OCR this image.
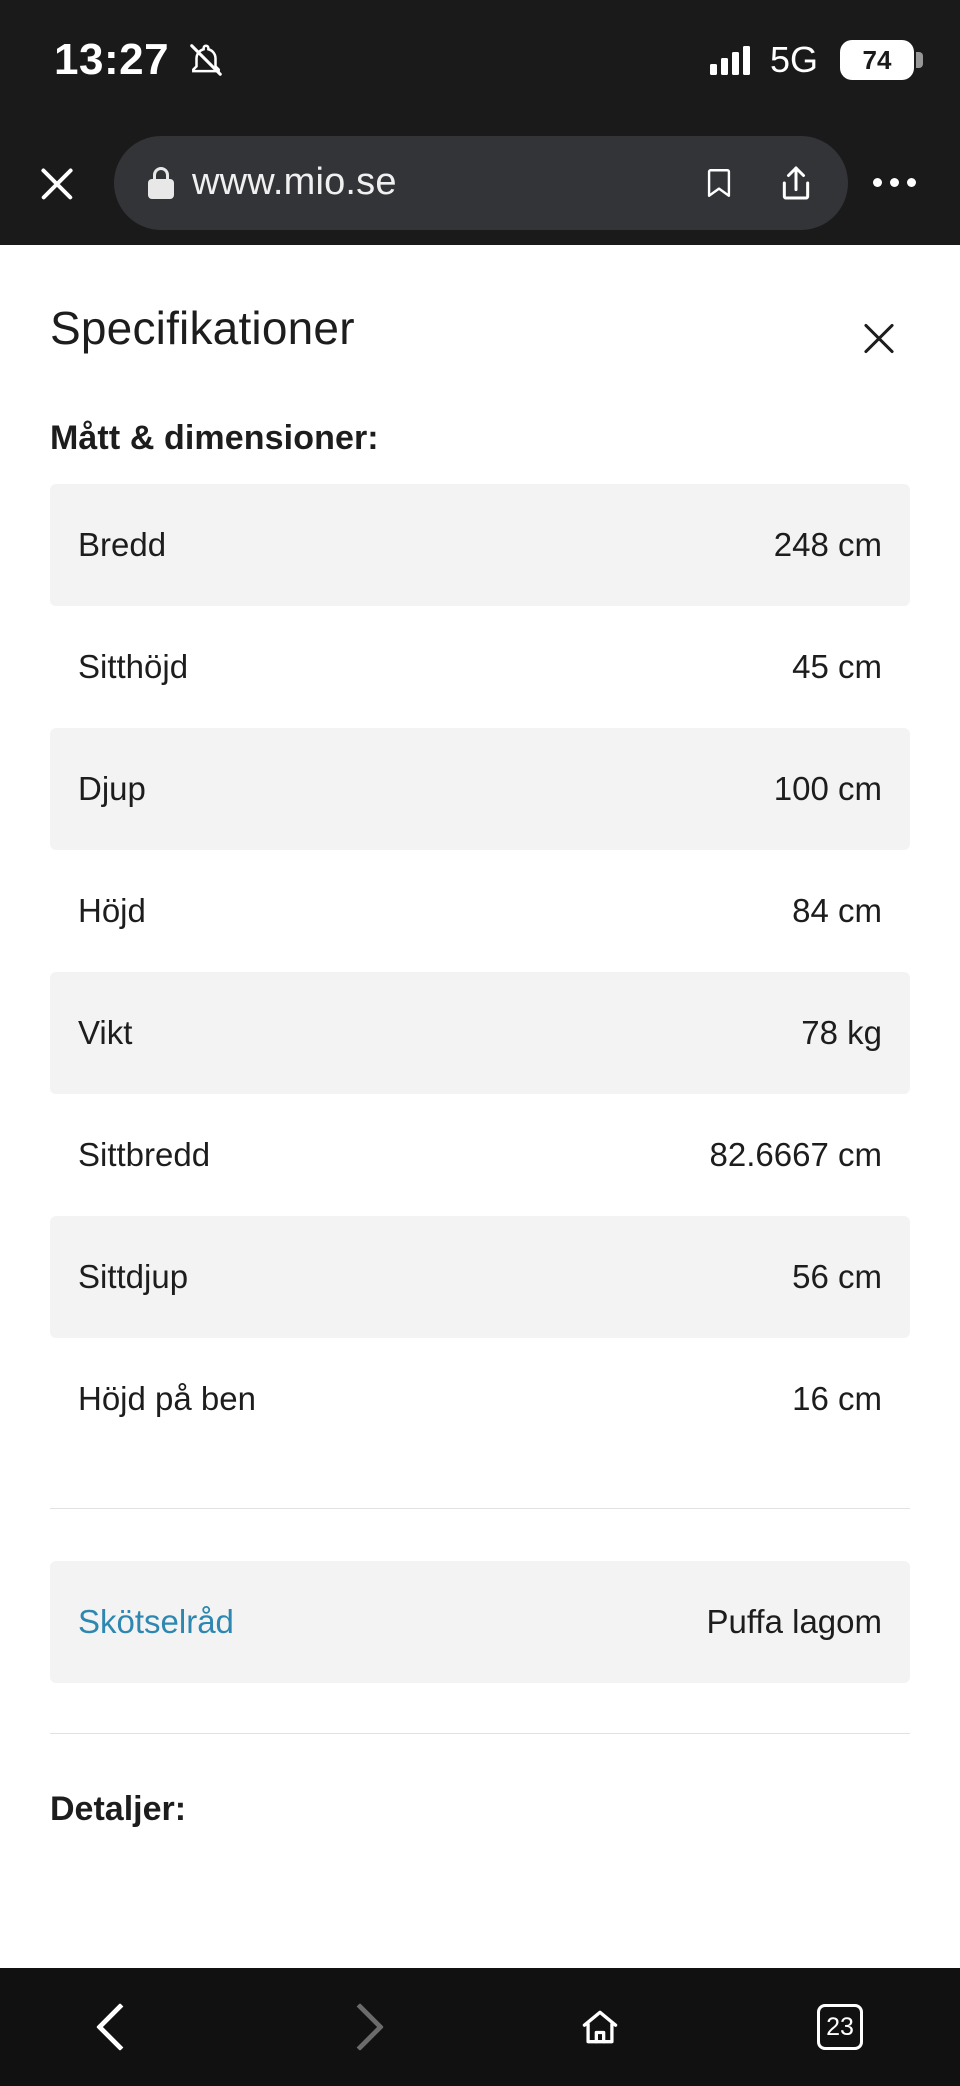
13:27	5G 74
www.mio.se
Specifikationer
Mått & dimensioner:
Bredd	248 cm
Sitthöjd	45 cm
Djup	100 cm
Höjd	84 cm
Vikt	78 kg
Sittbredd	82.6667 cm
Sittdjup	56 cm
Höjd på ben	16 cm
Skötselråd	Puffa lagom
Detaljer:
23
